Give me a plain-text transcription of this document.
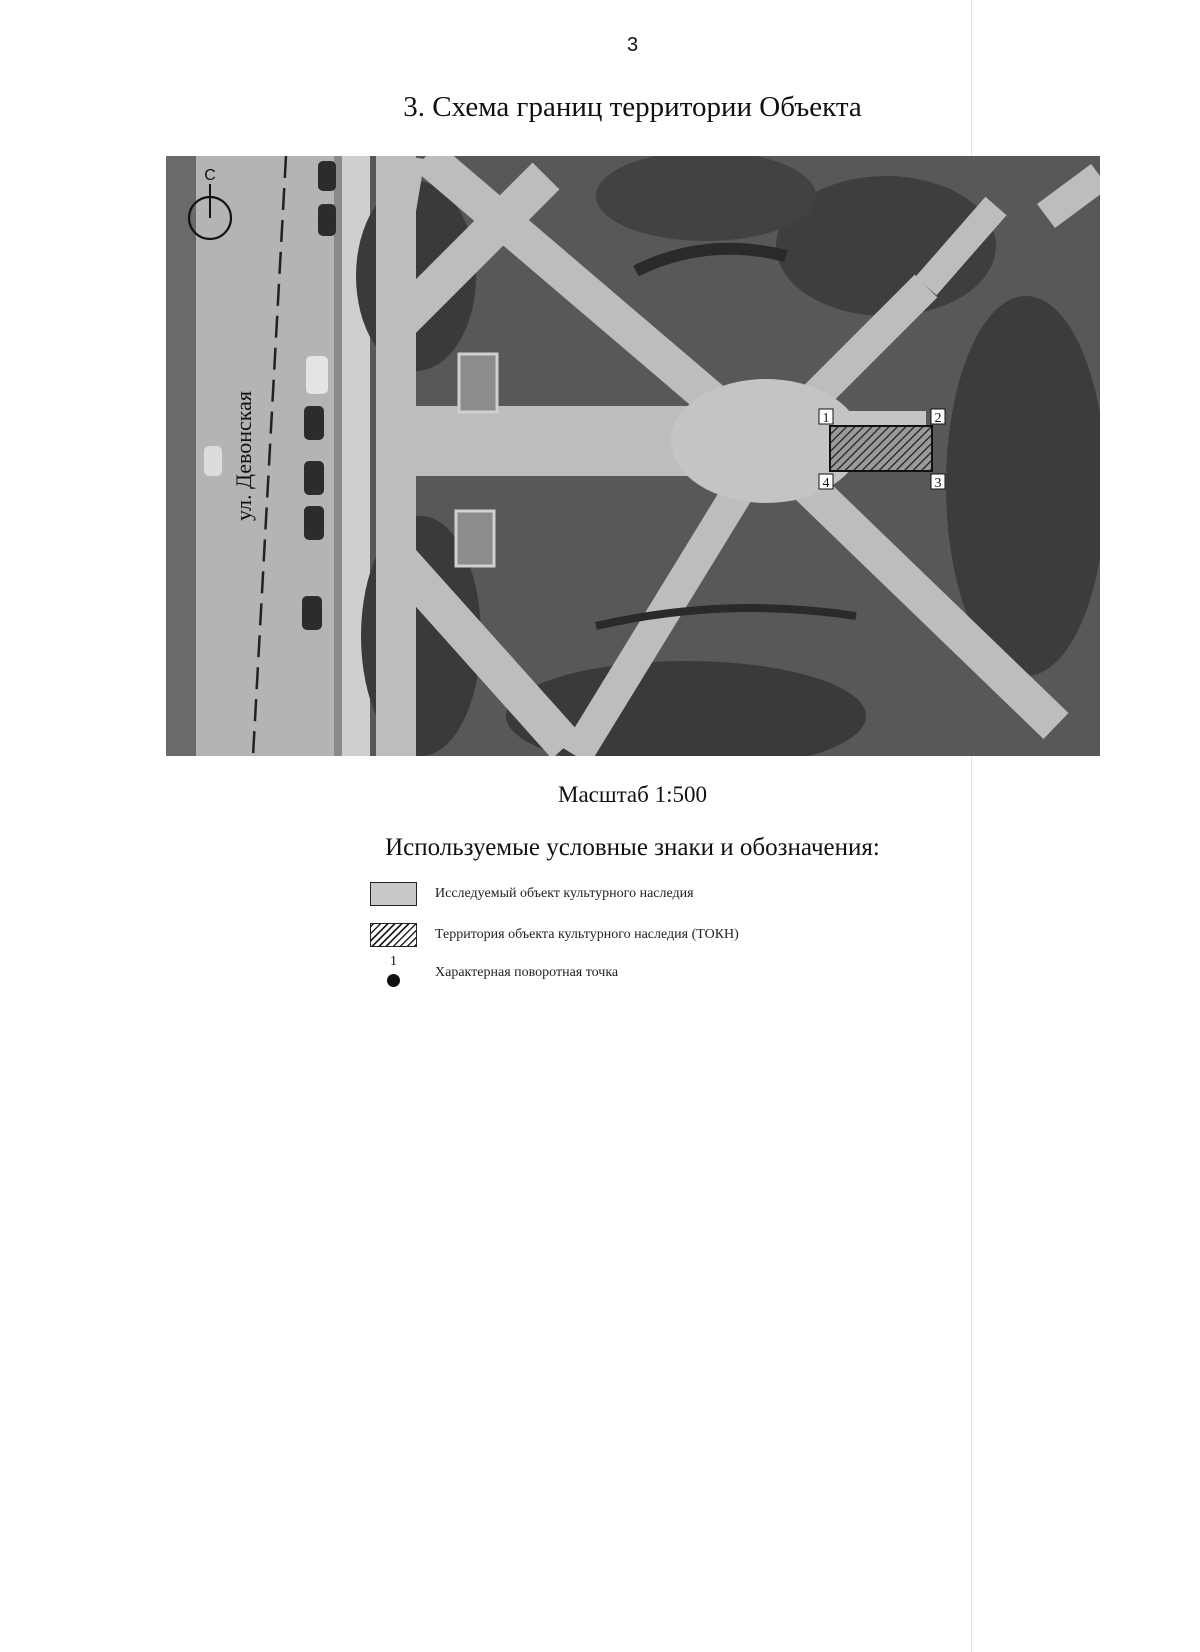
3
3. Схема границ территории Объекта
С
ул. Девонская	1	2
3
4
Масштаб 1:500
Используемые условные знаки и обозначения:
Исследуемый объект культурного наследия
Территория объекта культурного наследия (ТОКН)
1
Характерная поворотная точка
